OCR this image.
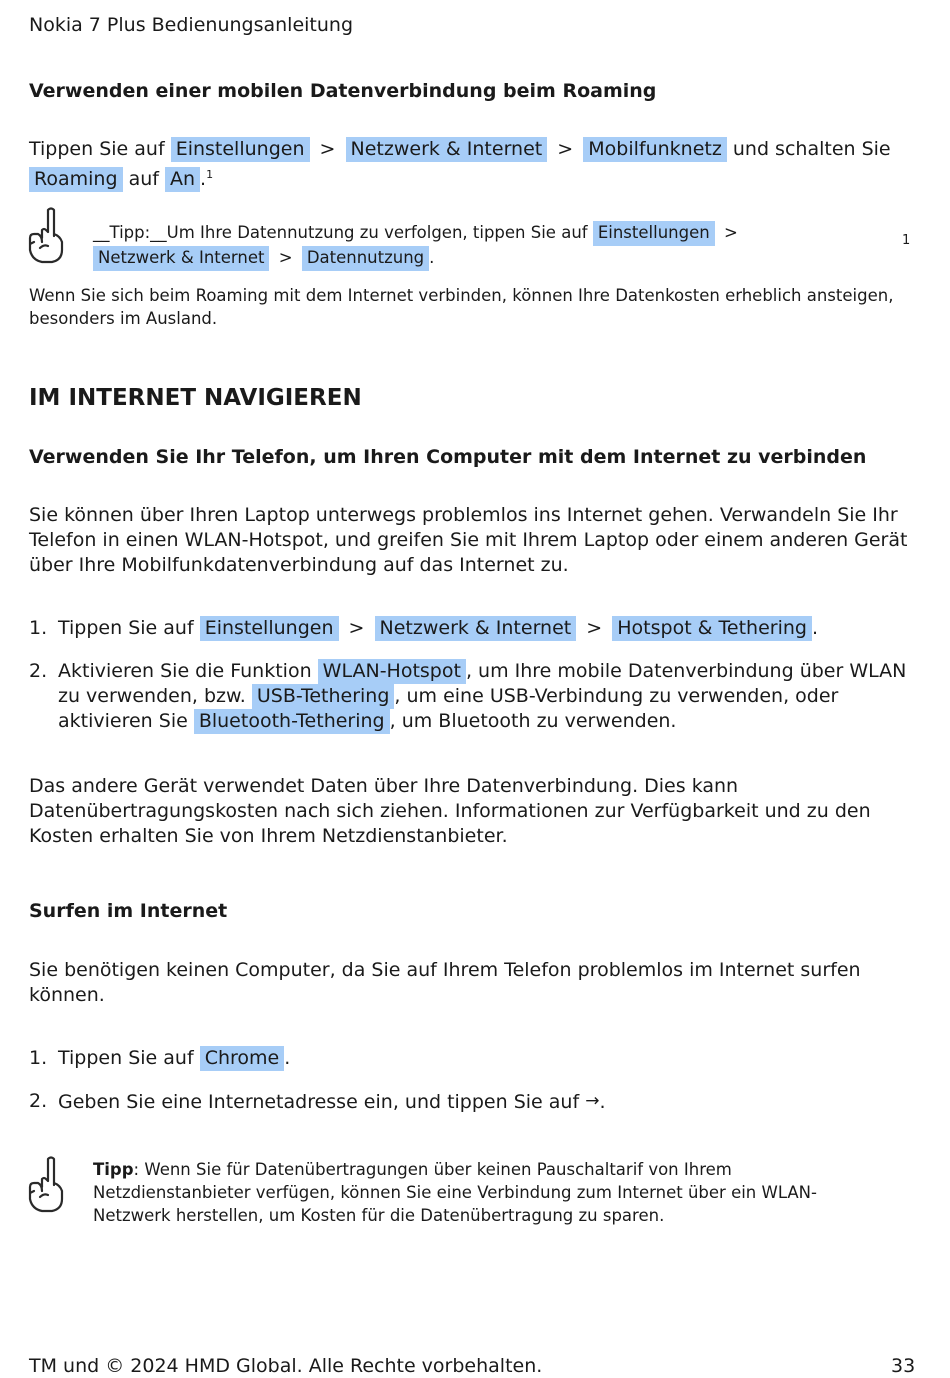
Nokia 7 Plus Bedienungsanleitung
Verwenden einer mobilen Datenverbindung beim Roaming
Tippen Sie auf Einstellungen > Netzwerk & Internet > Mobilfunknetz und schalten Sie
Roaming auf An .$^1$
__Tipp:__Um Ihre Datennutzung zu verfolgen, tippen Sie auf Einstellungen >
Netzwerk & Internet > Datennutzung .
1
Wenn Sie sich beim Roaming mit dem Internet verbinden, können Ihre Datenkosten erheblich ansteigen, besonders im Ausland.
IM INTERNET NAVIGIEREN
Verwenden Sie Ihr Telefon, um Ihren Computer mit dem Internet zu verbinden
Sie können über Ihren Laptop unterwegs problemlos ins Internet gehen. Verwandeln Sie Ihr Telefon in einen WLAN-Hotspot, und greifen Sie mit Ihrem Laptop oder einem anderen Gerät über Ihre Mobilfunkdatenverbindung auf das Internet zu.
1. Tippen Sie auf Einstellungen > Netzwerk & Internet > Hotspot & Tethering .
2. Aktivieren Sie die Funktion WLAN-Hotspot , um Ihre mobile Datenverbindung über WLAN zu verwenden, bzw. USB-Tethering , um eine USB-Verbindung zu verwenden, oder aktivieren Sie Bluetooth-Tethering , um Bluetooth zu verwenden.
Das andere Gerät verwendet Daten über Ihre Datenverbindung. Dies kann Datenübertragungskosten nach sich ziehen. Informationen zur Verfügbarkeit und zu den Kosten erhalten Sie von Ihrem Netzdienstanbieter.
Surfen im Internet
Sie benötigen keinen Computer, da Sie auf Ihrem Telefon problemlos im Internet surfen können.
1. Tippen Sie auf Chrome .
2. Geben Sie eine Internetadresse ein, und tippen Sie auf →.
Tipp: Wenn Sie für Datenübertragungen über keinen Pauschaltarif von Ihrem Netzdienstanbieter verfügen, können Sie eine Verbindung zum Internet über ein WLAN-Netzwerk herstellen, um Kosten für die Datenübertragung zu sparen.
TM und © 2024 HMD Global. Alle Rechte vorbehalten.	33
